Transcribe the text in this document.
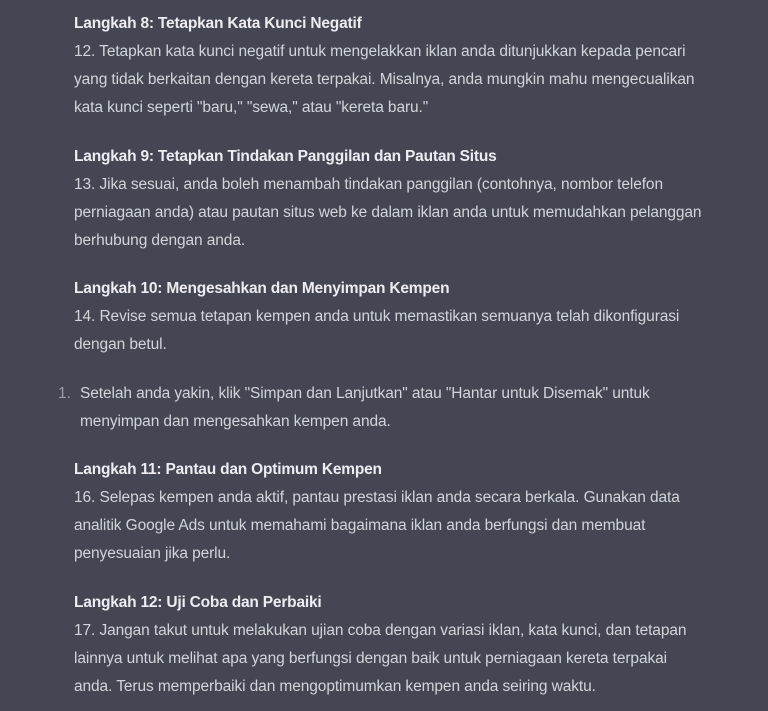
Langkah 8: Tetapkan Kata Kunci Negatif
12. Tetapkan kata kunci negatif untuk mengelakkan iklan anda ditunjukkan kepada pencari
yang tidak berkaitan dengan kereta terpakai. Misalnya, anda mungkin mahu mengecualikan
kata kunci seperti "baru," "sewa," atau "kereta baru."
Langkah 9: Tetapkan Tindakan Panggilan dan Pautan Situs
13. Jika sesuai, anda boleh menambah tindakan panggilan (contohnya, nombor telefon
perniagaan anda) atau pautan situs web ke dalam iklan anda untuk memudahkan pelanggan
berhubung dengan anda.
Langkah 10: Mengesahkan dan Menyimpan Kempen
14. Revise semua tetapan kempen anda untuk memastikan semuanya telah dikonfigurasi
dengan betul.
1. Setelah anda yakin, klik "Simpan dan Lanjutkan" atau "Hantar untuk Disemak" untuk
menyimpan dan mengesahkan kempen anda.
Langkah 11: Pantau dan Optimum Kempen
16. Selepas kempen anda aktif, pantau prestasi iklan anda secara berkala. Gunakan data
analitik Google Ads untuk memahami bagaimana iklan anda berfungsi dan membuat
penyesuaian jika perlu.
Langkah 12: Uji Coba dan Perbaiki
17. Jangan takut untuk melakukan ujian coba dengan variasi iklan, kata kunci, dan tetapan
lainnya untuk melihat apa yang berfungsi dengan baik untuk perniagaan kereta terpakai
anda. Terus memperbaiki dan mengoptimumkan kempen anda seiring waktu.
